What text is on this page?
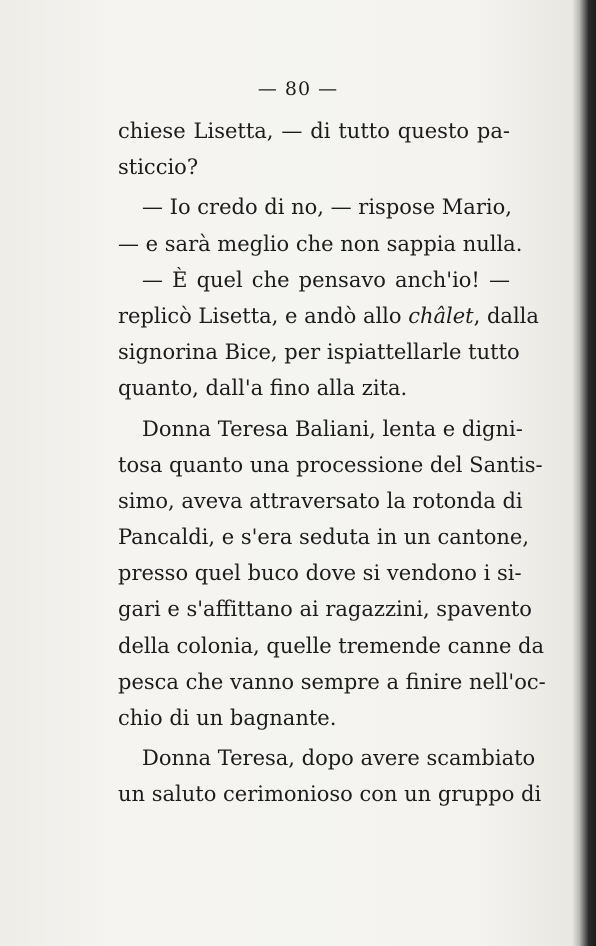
— 80 —
chiese Lisetta, — di tutto questo pa-
sticcio?
— Io credo di no, — rispose Mario,
— e sarà meglio che non sappia nulla.
— È quel che pensavo anch'io! —
replicò Lisetta, e andò allo châlet, dalla
signorina Bice, per ispiattellarle tutto
quanto, dall'a fino alla zita.
Donna Teresa Baliani, lenta e digni-
tosa quanto una processione del Santis-
simo, aveva attraversato la rotonda di
Pancaldi, e s'era seduta in un cantone,
presso quel buco dove si vendono i si-
gari e s'affittano ai ragazzini, spavento
della colonia, quelle tremende canne da
pesca che vanno sempre a finire nell'oc-
chio di un bagnante.
Donna Teresa, dopo avere scambiato
un saluto cerimonioso con un gruppo di
